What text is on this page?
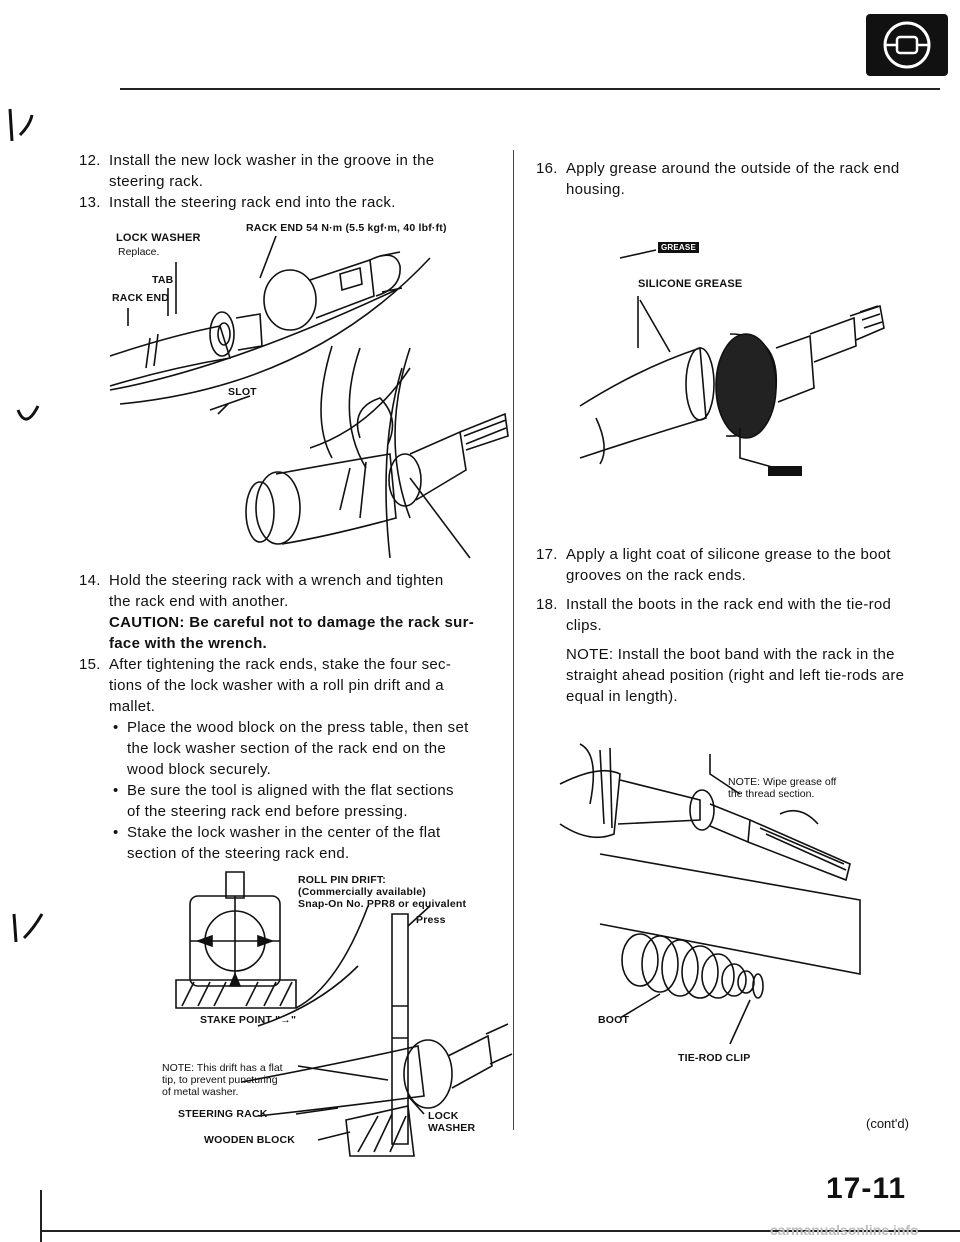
12. Install the new lock washer in the groove in the
steering rack.
13. Install the steering rack end into the rack.
LOCK WASHER
Replace.
RACK END 54 N·m (5.5 kgf·m, 40 lbf·ft)
TAB
RACK END
SLOT
14. Hold the steering rack with a wrench and tighten
the rack end with another.
CAUTION: Be careful not to damage the rack sur-
face with the wrench.
15. After tightening the rack ends, stake the four sec-
tions of the lock washer with a roll pin drift and a
mallet.
• Place the wood block on the press table, then set
the lock washer section of the rack end on the
wood block securely.
• Be sure the tool is aligned with the flat sections
of the steering rack end before pressing.
• Stake the lock washer in the center of the flat
section of the steering rack end.
ROLL PIN DRIFT:
(Commercially available)
Snap-On No. PPR8 or equivalent
Press
STAKE POINT "→"
NOTE: This drift has a flat
tip, to prevent puncturing
of metal washer.
STEERING RACK
WOODEN BLOCK
LOCK
WASHER
16. Apply grease around the outside of the rack end
housing.
GREASE
SILICONE GREASE
17. Apply a light coat of silicone grease to the boot
grooves on the rack ends.
18. Install the boots in the rack end with the tie-rod
clips.
NOTE: Install the boot band with the rack in the
straight ahead position (right and left tie-rods are
equal in length).
NOTE: Wipe grease off
the thread section.
BOOT
TIE-ROD CLIP
(cont'd)
17-11
carmanualsonline.info
